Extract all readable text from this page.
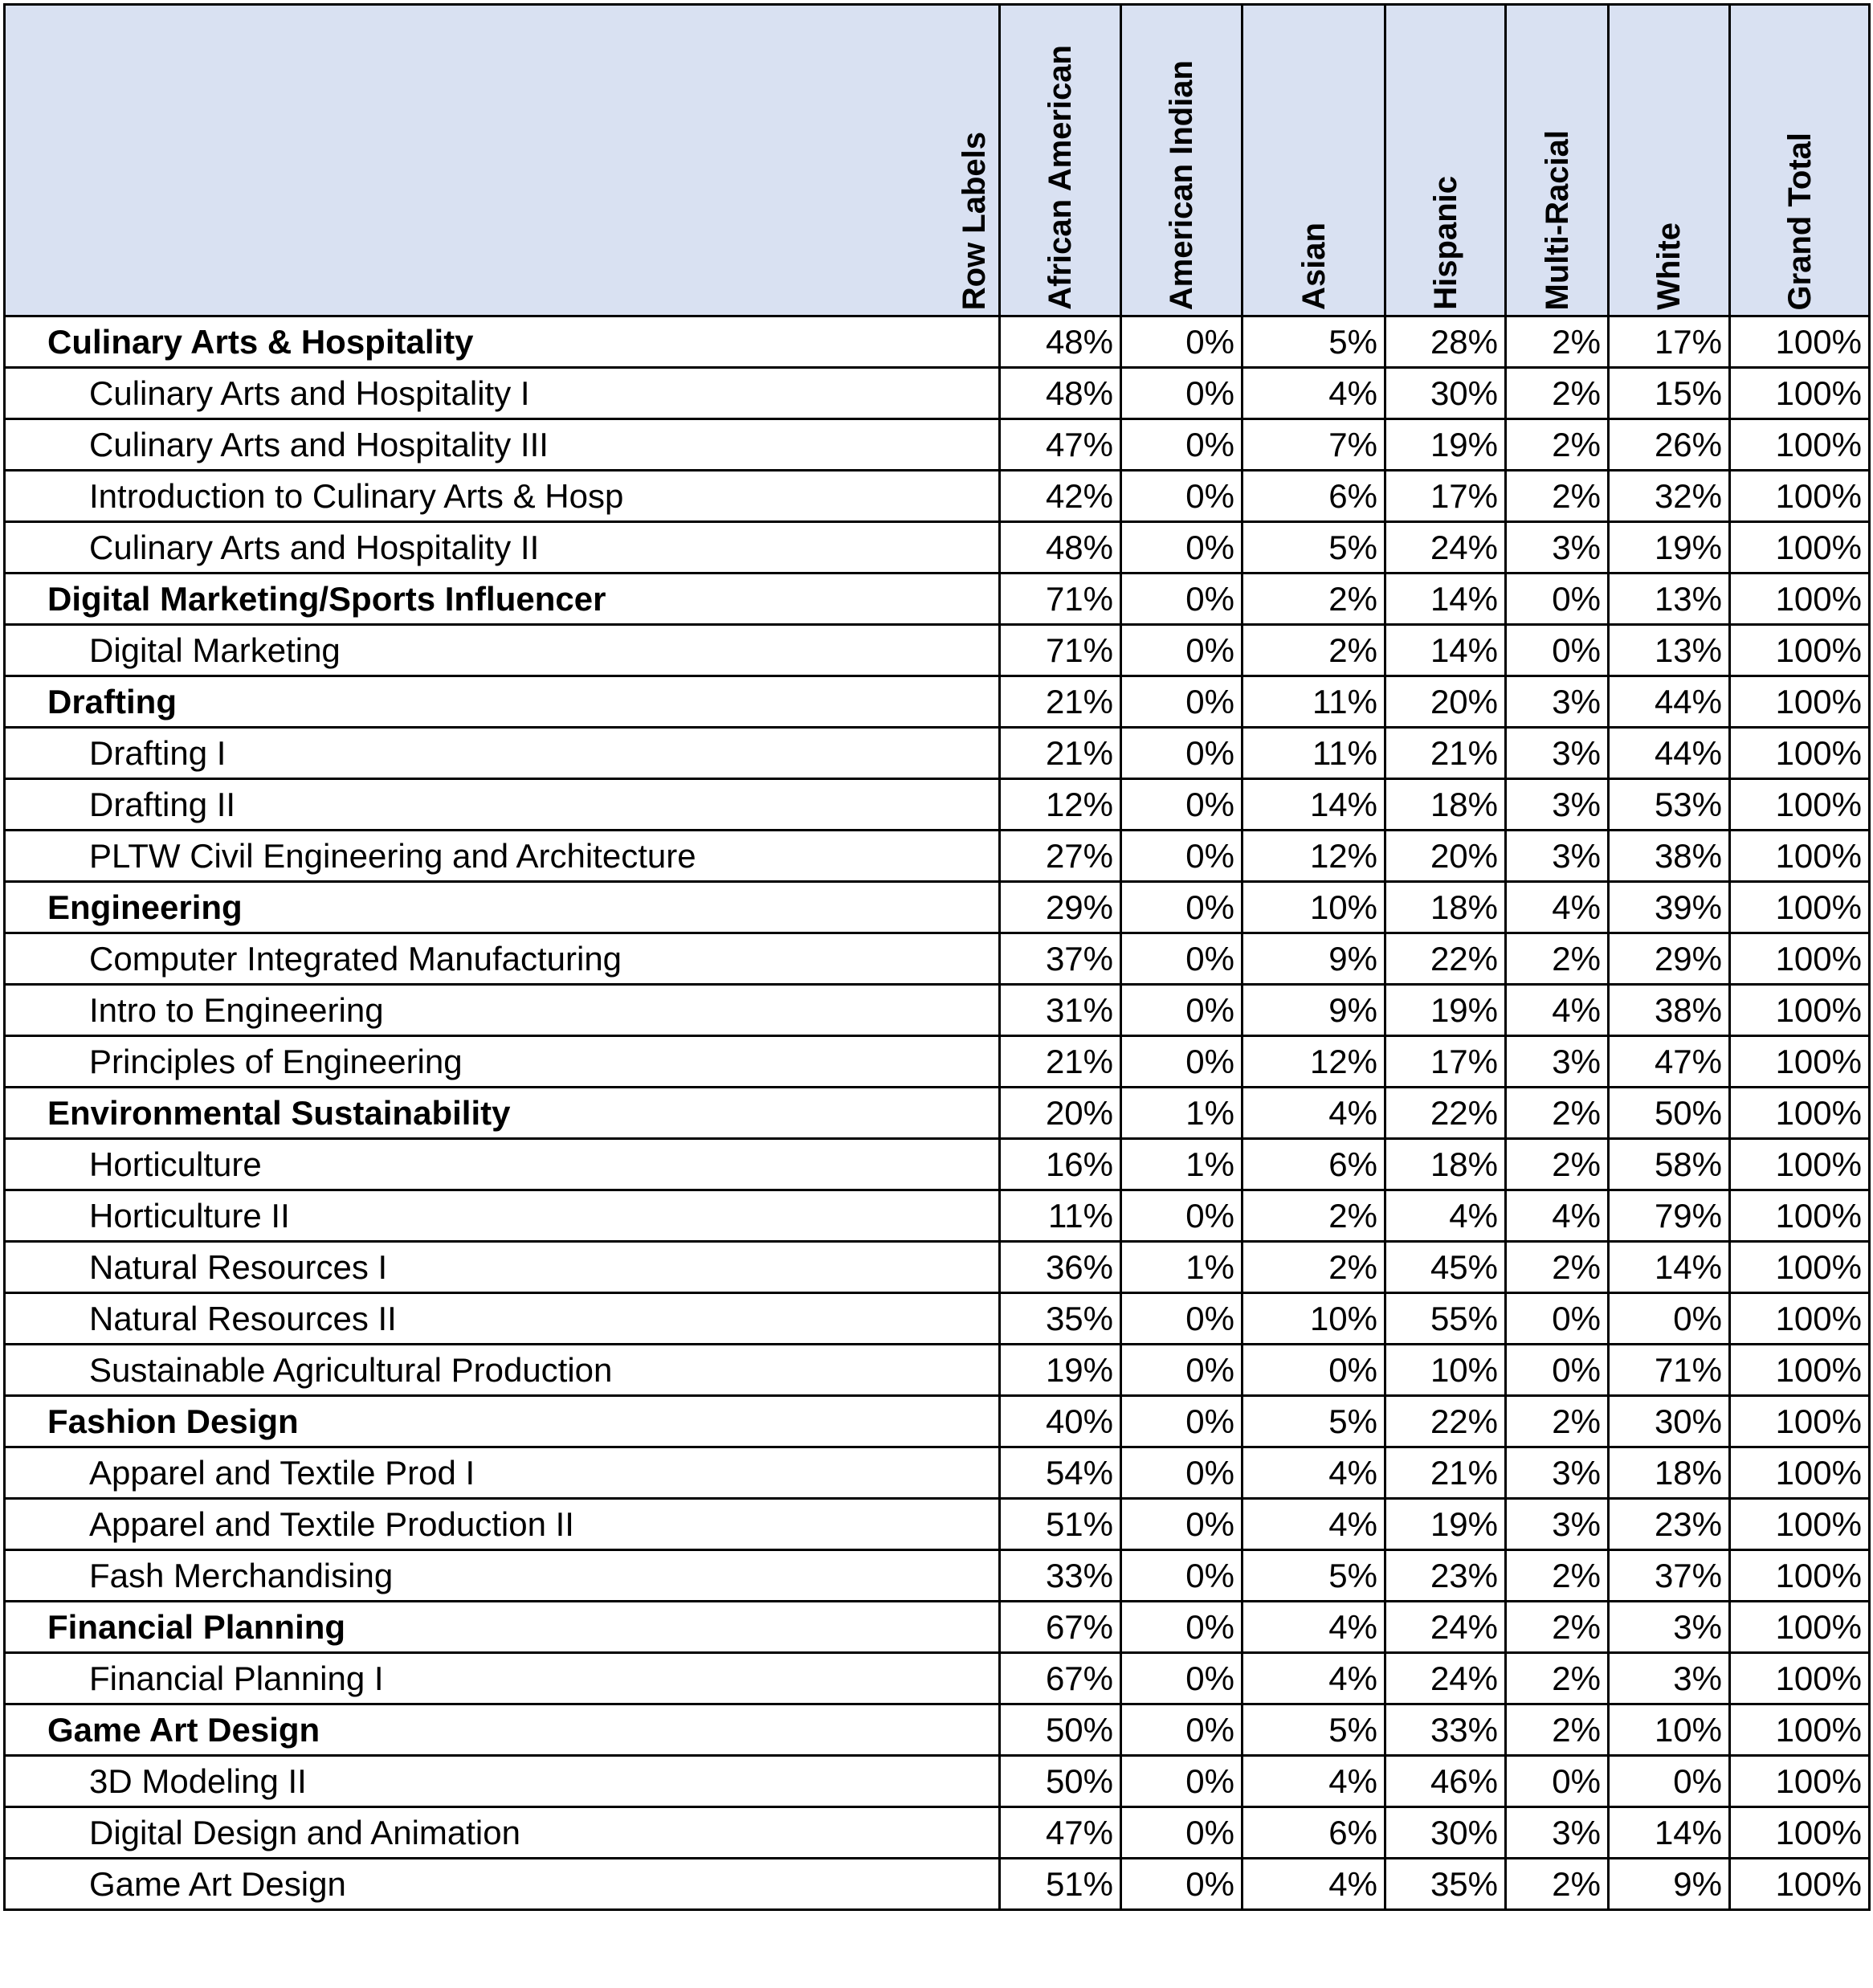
Row Labels	African American	American Indian	Asian	Hispanic	Multi-Racial	White	Grand Total

Culinary Arts & Hospitality	48%	0%	5%	28%	2%	17%	100%
Culinary Arts and Hospitality I	48%	0%	4%	30%	2%	15%	100%
Culinary Arts and Hospitality III	47%	0%	7%	19%	2%	26%	100%
Introduction to Culinary Arts & Hosp	42%	0%	6%	17%	2%	32%	100%
Culinary Arts and Hospitality II	48%	0%	5%	24%	3%	19%	100%
Digital Marketing/Sports Influencer	71%	0%	2%	14%	0%	13%	100%
Digital Marketing	71%	0%	2%	14%	0%	13%	100%
Drafting	21%	0%	11%	20%	3%	44%	100%
Drafting I	21%	0%	11%	21%	3%	44%	100%
Drafting II	12%	0%	14%	18%	3%	53%	100%
PLTW Civil Engineering and Architecture	27%	0%	12%	20%	3%	38%	100%
Engineering	29%	0%	10%	18%	4%	39%	100%
Computer Integrated Manufacturing	37%	0%	9%	22%	2%	29%	100%
Intro to Engineering	31%	0%	9%	19%	4%	38%	100%
Principles of Engineering	21%	0%	12%	17%	3%	47%	100%
Environmental Sustainability	20%	1%	4%	22%	2%	50%	100%
Horticulture	16%	1%	6%	18%	2%	58%	100%
Horticulture II	11%	0%	2%	4%	4%	79%	100%
Natural Resources I	36%	1%	2%	45%	2%	14%	100%
Natural Resources II	35%	0%	10%	55%	0%	0%	100%
Sustainable Agricultural Production	19%	0%	0%	10%	0%	71%	100%
Fashion Design	40%	0%	5%	22%	2%	30%	100%
Apparel and Textile Prod I	54%	0%	4%	21%	3%	18%	100%
Apparel and Textile Production II	51%	0%	4%	19%	3%	23%	100%
Fash Merchandising	33%	0%	5%	23%	2%	37%	100%
Financial Planning	67%	0%	4%	24%	2%	3%	100%
Financial Planning I	67%	0%	4%	24%	2%	3%	100%
Game Art Design	50%	0%	5%	33%	2%	10%	100%
3D Modeling II	50%	0%	4%	46%	0%	0%	100%
Digital Design and Animation	47%	0%	6%	30%	3%	14%	100%
Game Art Design	51%	0%	4%	35%	2%	9%	100%
